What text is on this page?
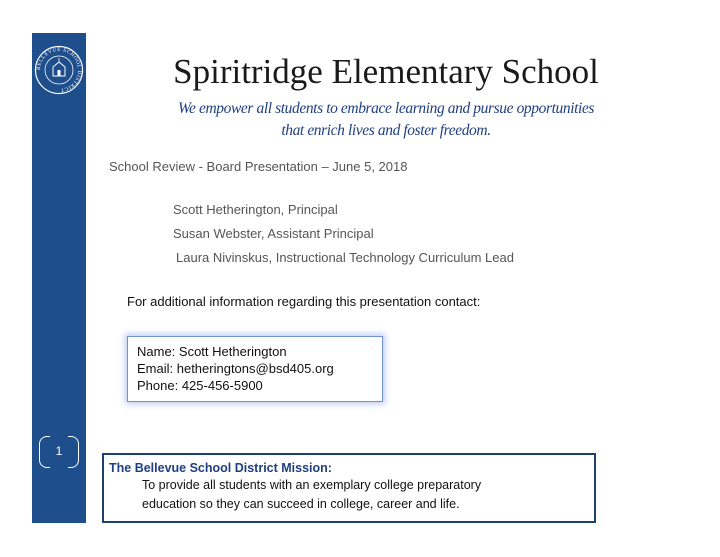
BELLEVUE SCHOOL DISTRICT
1
Spiritridge Elementary School
We empower all students to embrace learning and pursue opportunities
that enrich lives and foster freedom.
School Review - Board Presentation – June 5, 2018
Scott Hetherington, Principal
Susan Webster, Assistant Principal
Laura Nivinskus, Instructional Technology Curriculum Lead
For additional information regarding this presentation contact:
Name: Scott Hetherington
Email: hetheringtons@bsd405.org
Phone: 425-456-5900
The Bellevue School District Mission:
To provide all students with an exemplary college preparatory
education so they can succeed in college, career and life.
